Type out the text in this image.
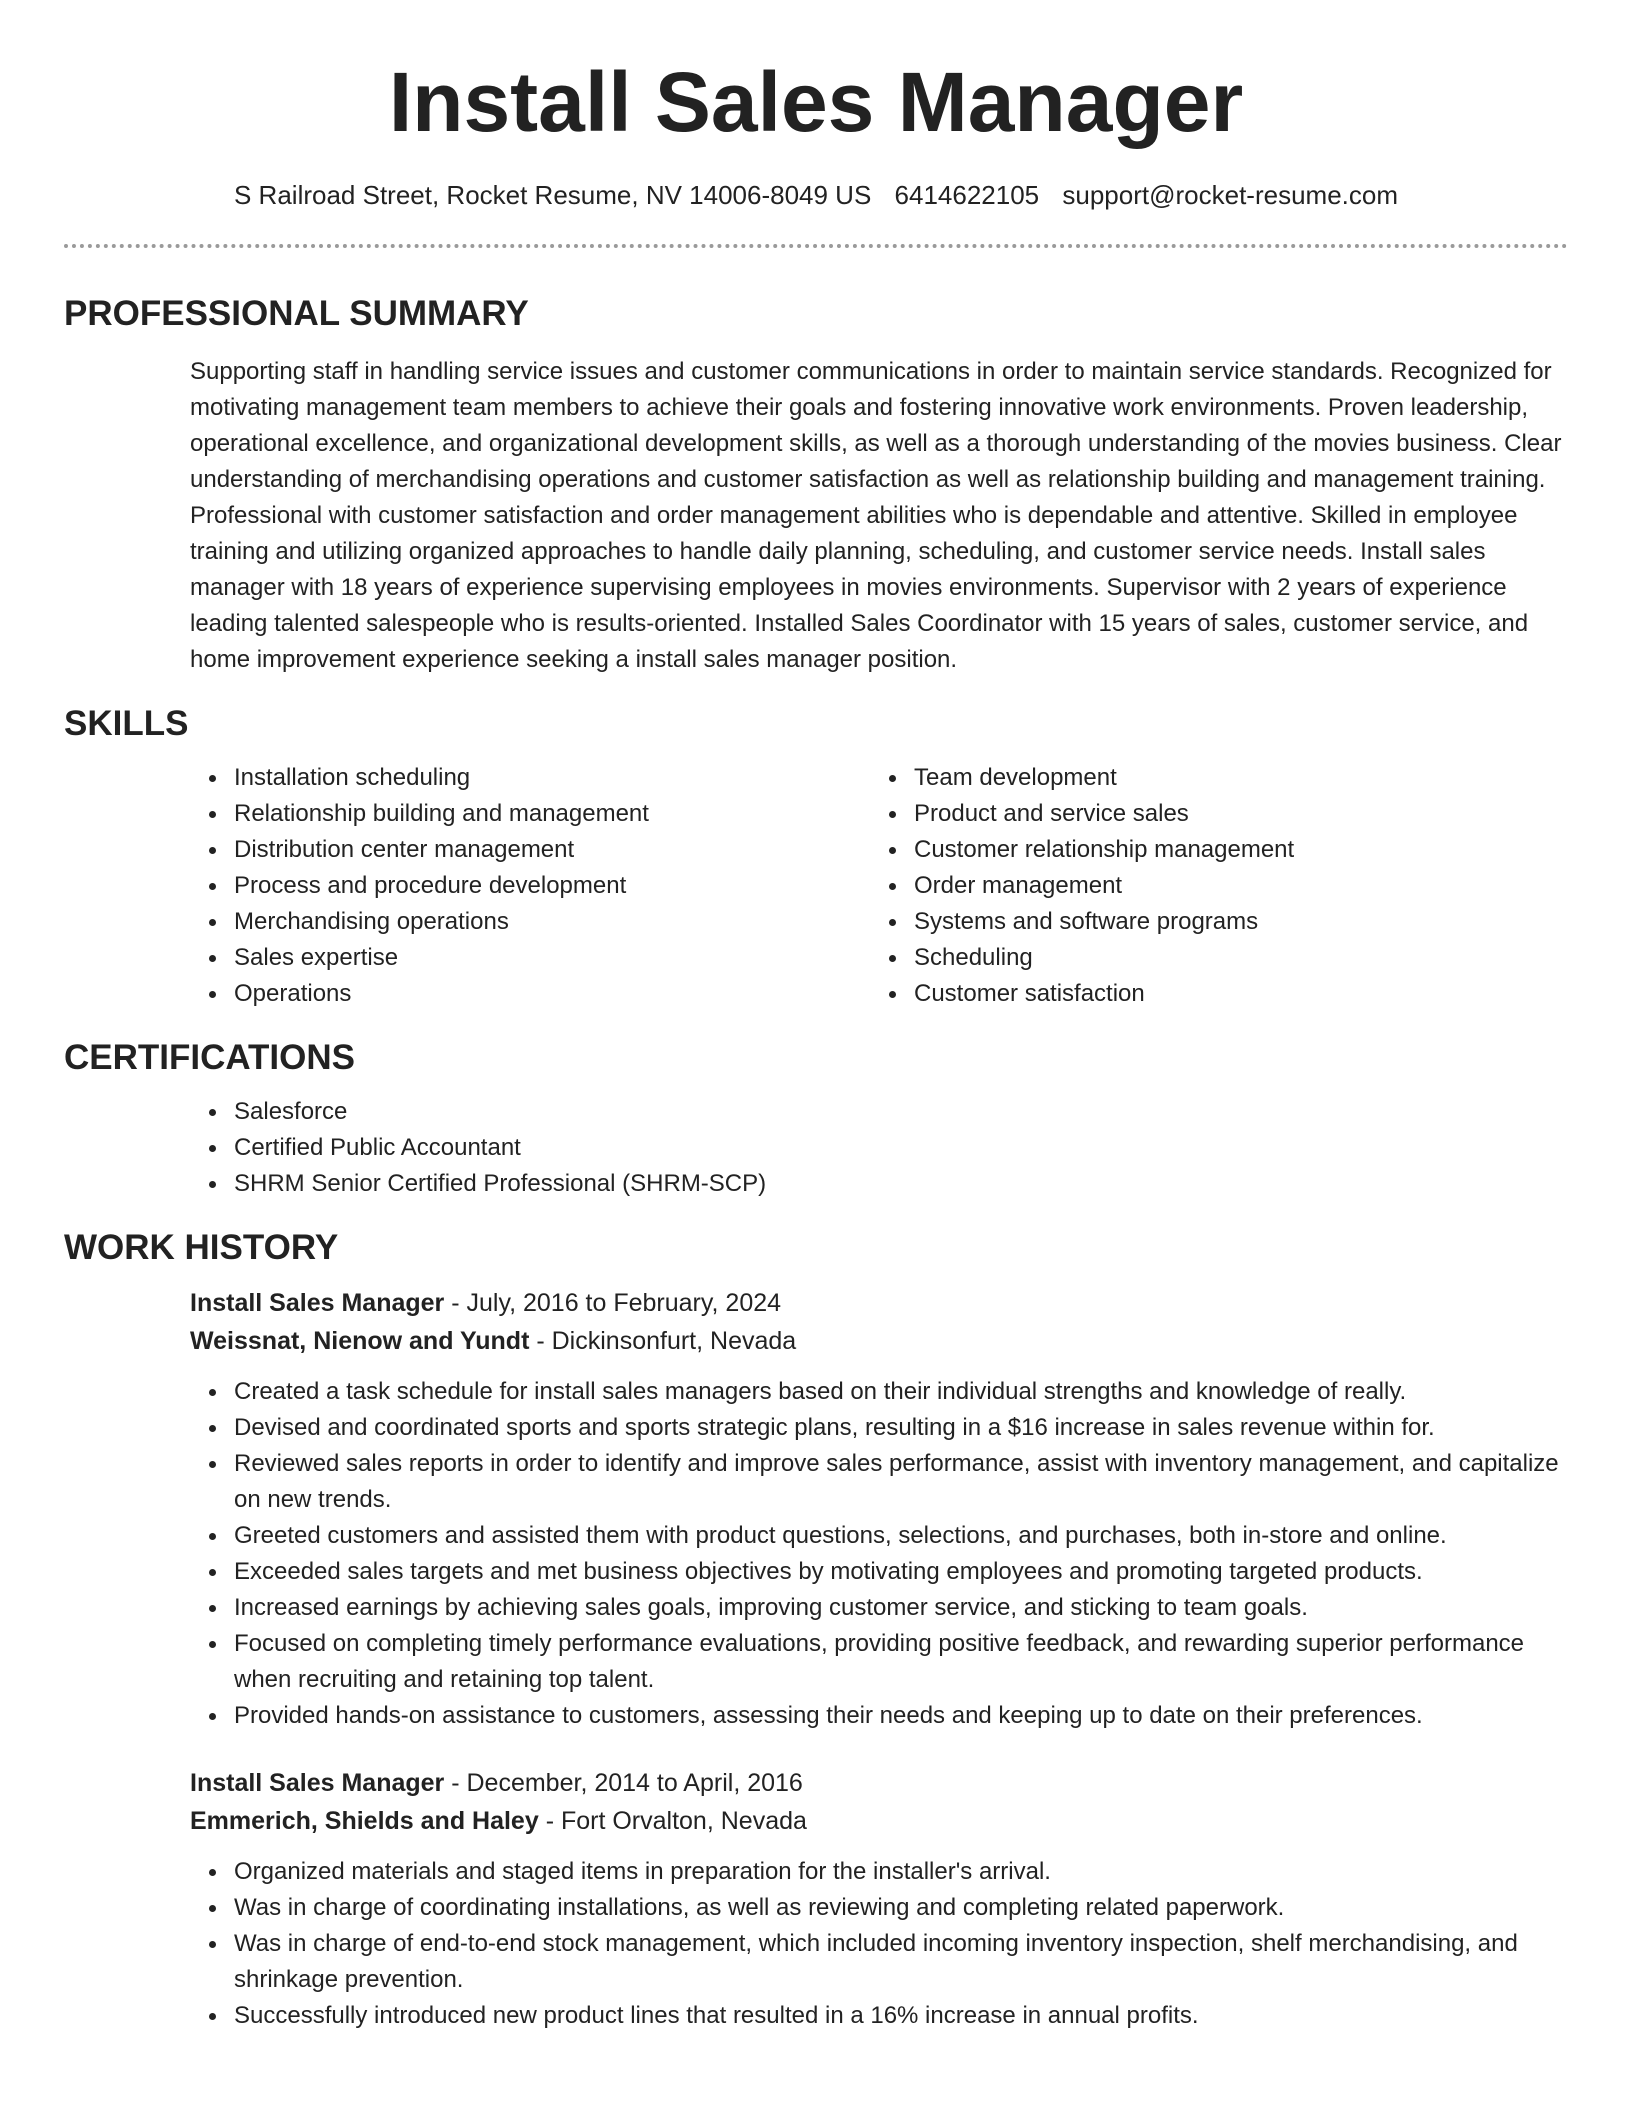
Install Sales Manager
S Railroad Street, Rocket Resume, NV 14006-8049 US 6414622105 support@rocket-resume.com
PROFESSIONAL SUMMARY
Supporting staff in handling service issues and customer communications in order to maintain service standards. Recognized for motivating management team members to achieve their goals and fostering innovative work environments. Proven leadership, operational excellence, and organizational development skills, as well as a thorough understanding of the movies business. Clear understanding of merchandising operations and customer satisfaction as well as relationship building and management training. Professional with customer satisfaction and order management abilities who is dependable and attentive. Skilled in employee training and utilizing organized approaches to handle daily planning, scheduling, and customer service needs. Install sales manager with 18 years of experience supervising employees in movies environments. Supervisor with 2 years of experience leading talented salespeople who is results-oriented. Installed Sales Coordinator with 15 years of sales, customer service, and home improvement experience seeking a install sales manager position.
SKILLS
Installation scheduling
Relationship building and management
Distribution center management
Process and procedure development
Merchandising operations
Sales expertise
Operations
Team development
Product and service sales
Customer relationship management
Order management
Systems and software programs
Scheduling
Customer satisfaction
CERTIFICATIONS
Salesforce
Certified Public Accountant
SHRM Senior Certified Professional (SHRM-SCP)
WORK HISTORY
Install Sales Manager - July, 2016 to February, 2024
Weissnat, Nienow and Yundt - Dickinsonfurt, Nevada
Created a task schedule for install sales managers based on their individual strengths and knowledge of really.
Devised and coordinated sports and sports strategic plans, resulting in a $16 increase in sales revenue within for.
Reviewed sales reports in order to identify and improve sales performance, assist with inventory management, and capitalize on new trends.
Greeted customers and assisted them with product questions, selections, and purchases, both in-store and online.
Exceeded sales targets and met business objectives by motivating employees and promoting targeted products.
Increased earnings by achieving sales goals, improving customer service, and sticking to team goals.
Focused on completing timely performance evaluations, providing positive feedback, and rewarding superior performance when recruiting and retaining top talent.
Provided hands-on assistance to customers, assessing their needs and keeping up to date on their preferences.
Install Sales Manager - December, 2014 to April, 2016
Emmerich, Shields and Haley - Fort Orvalton, Nevada
Organized materials and staged items in preparation for the installer's arrival.
Was in charge of coordinating installations, as well as reviewing and completing related paperwork.
Was in charge of end-to-end stock management, which included incoming inventory inspection, shelf merchandising, and shrinkage prevention.
Successfully introduced new product lines that resulted in a 16% increase in annual profits.
